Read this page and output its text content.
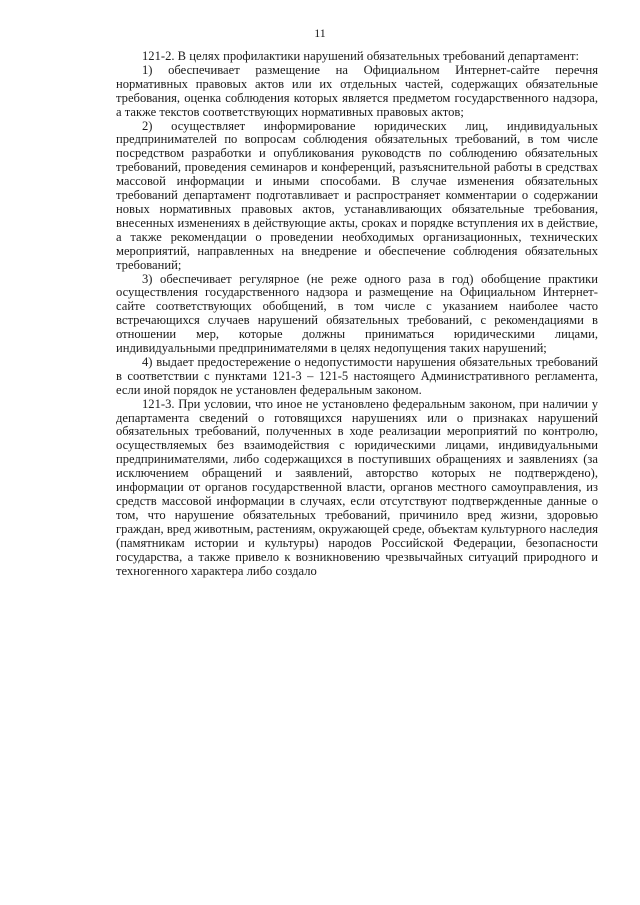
11

121-2. В целях профилактики нарушений обязательных требований департамент:

1) обеспечивает размещение на Официальном Интернет-сайте перечня нормативных правовых актов или их отдельных частей, содержащих обязательные требования, оценка соблюдения которых является предметом государственного надзора, а также текстов соответствующих нормативных правовых актов;

2) осуществляет информирование юридических лиц, индивидуальных предпринимателей по вопросам соблюдения обязательных требований, в том числе посредством разработки и опубликования руководств по соблюдению обязательных требований, проведения семинаров и конференций, разъяснительной работы в средствах массовой информации и иными способами. В случае изменения обязательных требований департамент подготавливает и распространяет комментарии о содержании новых нормативных правовых актов, устанавливающих обязательные требования, внесенных изменениях в действующие акты, сроках и порядке вступления их в действие, а также рекомендации о проведении необходимых организационных, технических мероприятий, направленных на внедрение и обеспечение соблюдения обязательных требований;

3) обеспечивает регулярное (не реже одного раза в год) обобщение практики осуществления государственного надзора и размещение на Официальном Интернет-сайте соответствующих обобщений, в том числе с указанием наиболее часто встречающихся случаев нарушений обязательных требований, с рекомендациями в отношении мер, которые должны приниматься юридическими лицами, индивидуальными предпринимателями в целях недопущения таких нарушений;

4) выдает предостережение о недопустимости нарушения обязательных требований в соответствии с пунктами 121-3 – 121-5 настоящего Административного регламента, если иной порядок не установлен федеральным законом.

121-3. При условии, что иное не установлено федеральным законом, при наличии у департамента сведений о готовящихся нарушениях или о признаках нарушений обязательных требований, полученных в ходе реализации мероприятий по контролю, осуществляемых без взаимодействия с юридическими лицами, индивидуальными предпринимателями, либо содержащихся в поступивших обращениях и заявлениях (за исключением обращений и заявлений, авторство которых не подтверждено), информации от органов государственной власти, органов местного самоуправления, из средств массовой информации в случаях, если отсутствуют подтвержденные данные о том, что нарушение обязательных требований, причинило вред жизни, здоровью граждан, вред животным, растениям, окружающей среде, объектам культурного наследия (памятникам истории и культуры) народов Российской Федерации, безопасности государства, а также привело к возникновению чрезвычайных ситуаций природного и техногенного характера либо создало
